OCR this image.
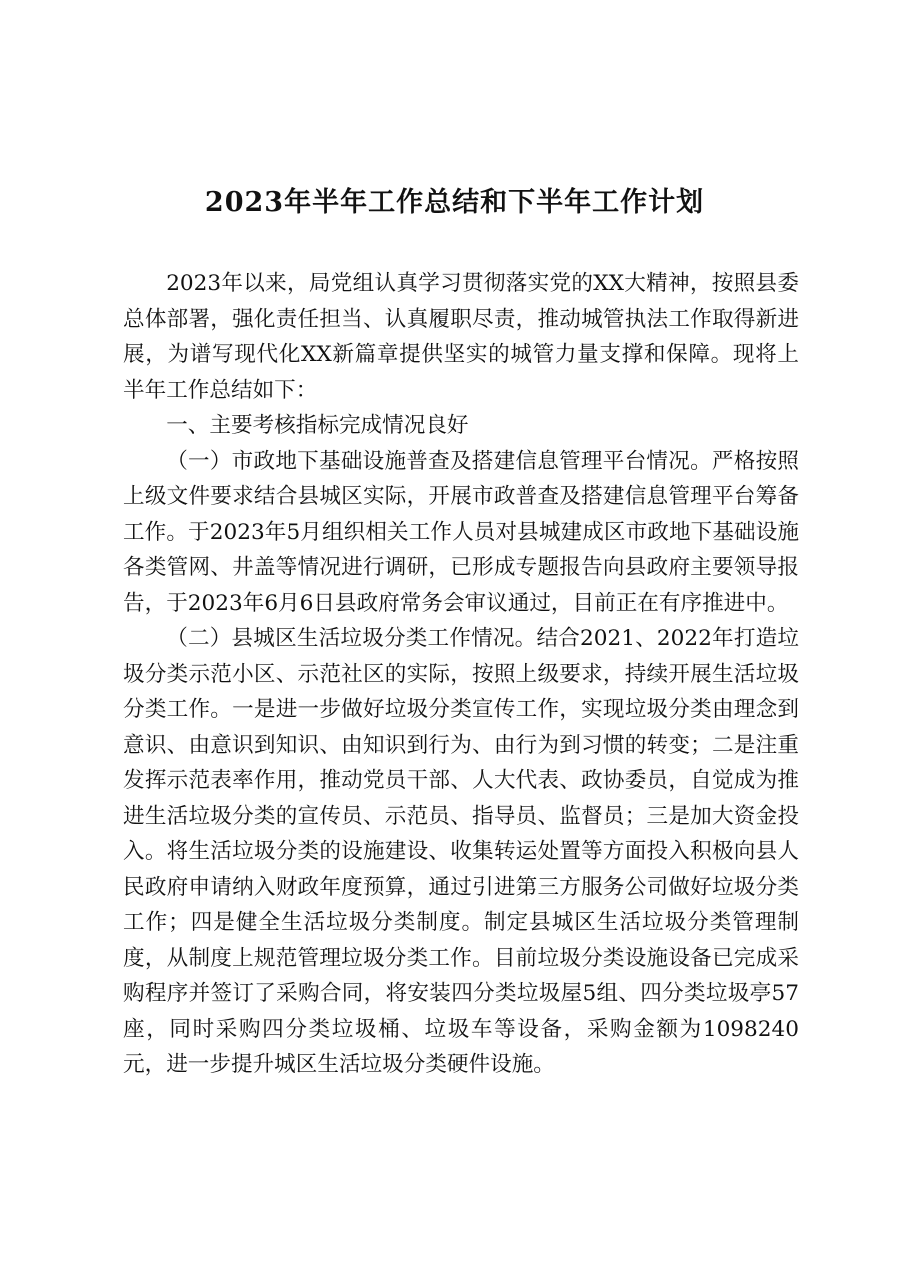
2023年半年工作总结和下半年工作计划

2023年以来，局党组认真学习贯彻落实党的XX大精神，按照县委总体部署，强化责任担当、认真履职尽责，推动城管执法工作取得新进展，为谱写现代化XX新篇章提供坚实的城管力量支撑和保障。现将上半年工作总结如下：

一、主要考核指标完成情况良好

（一）市政地下基础设施普查及搭建信息管理平台情况。严格按照上级文件要求结合县城区实际，开展市政普查及搭建信息管理平台筹备工作。于2023年5月组织相关工作人员对县城建成区市政地下基础设施各类管网、井盖等情况进行调研，已形成专题报告向县政府主要领导报告，于2023年6月6日县政府常务会审议通过，目前正在有序推进中。

（二）县城区生活垃圾分类工作情况。结合2021、2022年打造垃圾分类示范小区、示范社区的实际，按照上级要求，持续开展生活垃圾分类工作。一是进一步做好垃圾分类宣传工作，实现垃圾分类由理念到意识、由意识到知识、由知识到行为、由行为到习惯的转变；二是注重发挥示范表率作用，推动党员干部、人大代表、政协委员，自觉成为推进生活垃圾分类的宣传员、示范员、指导员、监督员；三是加大资金投入。将生活垃圾分类的设施建设、收集转运处置等方面投入积极向县人民政府申请纳入财政年度预算，通过引进第三方服务公司做好垃圾分类工作；四是健全生活垃圾分类制度。制定县城区生活垃圾分类管理制度，从制度上规范管理垃圾分类工作。目前垃圾分类设施设备已完成采购程序并签订了采购合同，将安装四分类垃圾屋5组、四分类垃圾亭57座，同时采购四分类垃圾桶、垃圾车等设备，采购金额为1098240元，进一步提升城区生活垃圾分类硬件设施。
